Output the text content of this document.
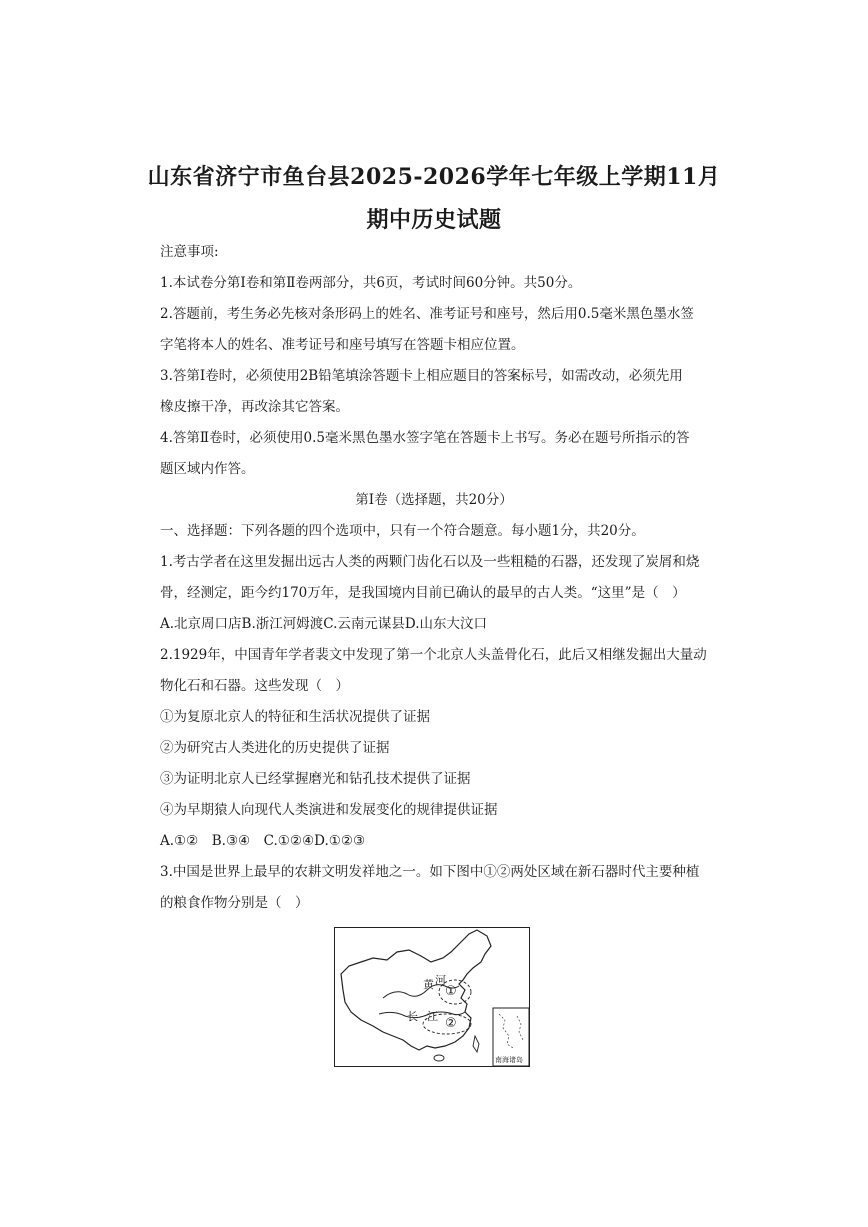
山东省济宁市鱼台县2025-2026学年七年级上学期11月
期中历史试题
注意事项:
1.本试卷分第Ⅰ卷和第Ⅱ卷两部分，共6页，考试时间60分钟。共50分。
2.答题前，考生务必先核对条形码上的姓名、准考证号和座号，然后用0.5毫米黑色墨水签
字笔将本人的姓名、准考证号和座号填写在答题卡相应位置。
3.答第Ⅰ卷时，必须使用2B铅笔填涂答题卡上相应题目的答案标号，如需改动，必须先用
橡皮擦干净，再改涂其它答案。
4.答第Ⅱ卷时，必须使用0.5毫米黑色墨水签字笔在答题卡上书写。务必在题号所指示的答
题区域内作答。
第Ⅰ卷（选择题，共20分）
一、选择题：下列各题的四个选项中，只有一个符合题意。每小题1分，共20分。
1.考古学者在这里发掘出远古人类的两颗门齿化石以及一些粗糙的石器，还发现了炭屑和烧
骨，经测定，距今约170万年，是我国境内目前已确认的最早的古人类。“这里”是（　）
A.北京周口店B.浙江河姆渡C.云南元谋县D.山东大汶口
2.1929年，中国青年学者裴文中发现了第一个北京人头盖骨化石，此后又相继发掘出大量动
物化石和石器。这些发现（　）
①为复原北京人的特征和生活状况提供了证据
②为研究古人类进化的历史提供了证据
③为证明北京人已经掌握磨光和钻孔技术提供了证据
④为早期猿人向现代人类演进和发展变化的规律提供证据
A.①②　B.③④　C.①②④D.①②③
3.中国是世界上最早的农耕文明发祥地之一。如下图中①②两处区域在新石器时代主要种植
的粮食作物分别是（　）
黄 河
长 江
①
②
南海诸岛
